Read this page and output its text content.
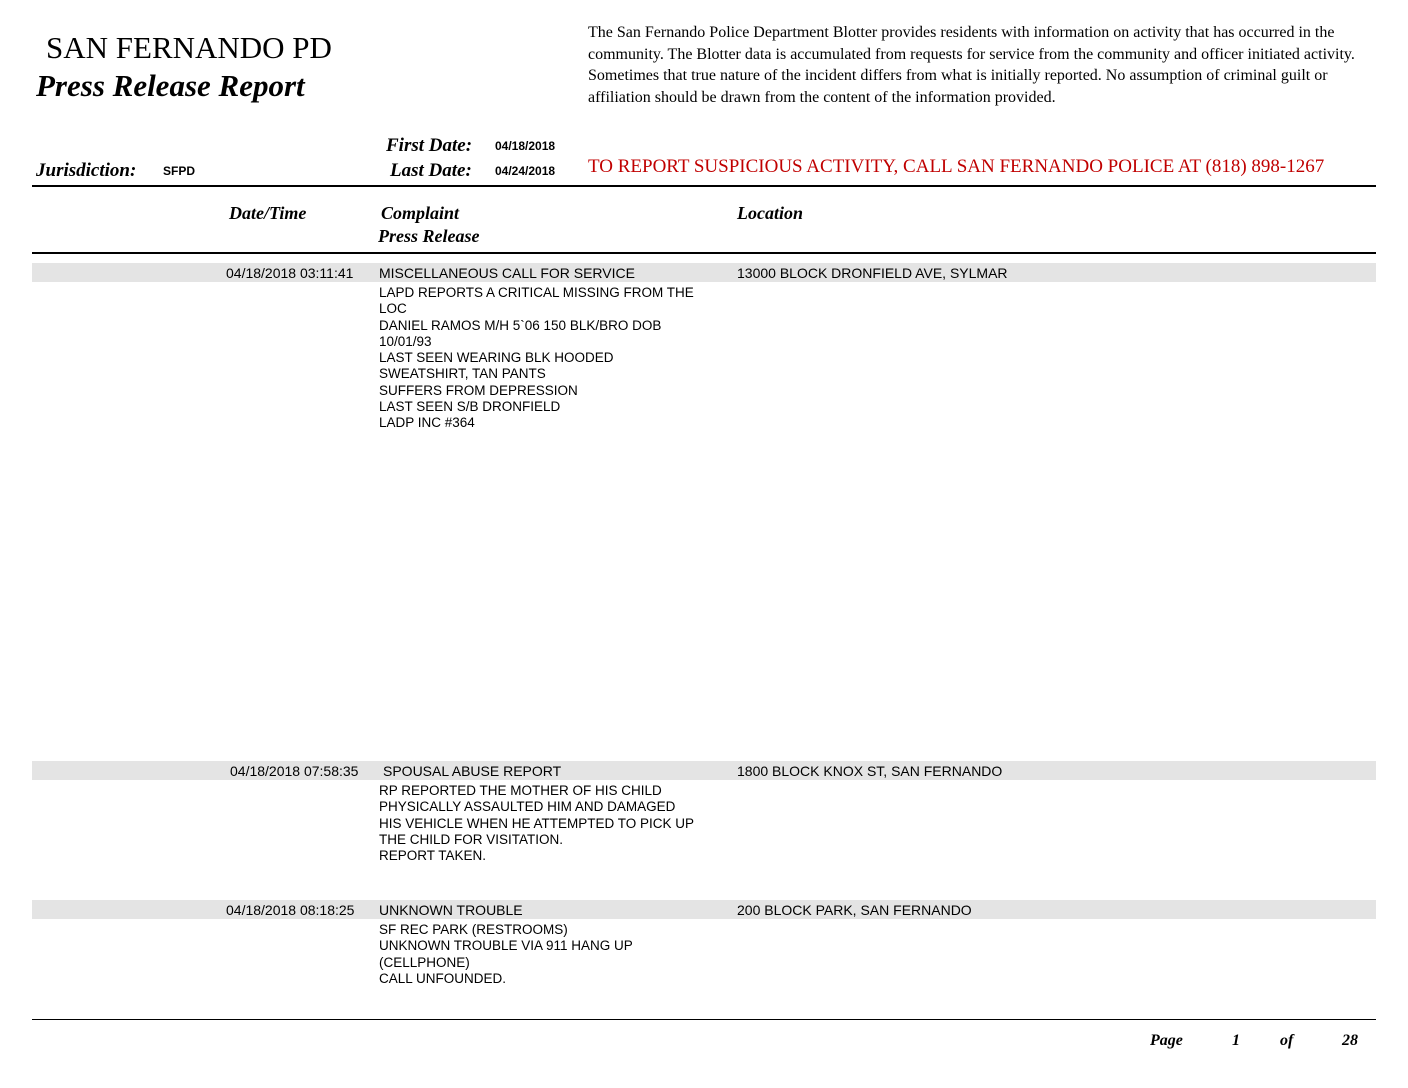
SAN FERNANDO PD
Press Release Report
The San Fernando Police Department Blotter provides residents with information on activity that has occurred in the community. The Blotter data is accumulated from requests for service from the community and officer initiated activity. Sometimes that true nature of the incident differs from what is initially reported. No assumption of criminal guilt or affiliation should be drawn from the content of the information provided.
First Date: 04/18/2018
Last Date: 04/24/2018
Jurisdiction: SFPD	TO REPORT SUSPICIOUS ACTIVITY, CALL SAN FERNANDO POLICE AT (818) 898-1267
Date/Time	Complaint
Press Release
Location
04/18/2018 03:11:41 MISCELLANEOUS CALL FOR SERVICE	13000 BLOCK DRONFIELD AVE, SYLMAR
LAPD REPORTS A CRITICAL MISSING FROM THE
LOC
DANIEL RAMOS M/H 5`06 150 BLK/BRO DOB
10/01/93
LAST SEEN WEARING BLK HOODED
SWEATSHIRT, TAN PANTS
SUFFERS FROM DEPRESSION
LAST SEEN S/B DRONFIELD
LADP INC #364
04/18/2018 07:58:35 SPOUSAL ABUSE REPORT	1800 BLOCK KNOX ST, SAN FERNANDO
RP REPORTED THE MOTHER OF HIS CHILD
PHYSICALLY ASSAULTED HIM AND DAMAGED
HIS VEHICLE WHEN HE ATTEMPTED TO PICK UP
THE CHILD FOR VISITATION.
REPORT TAKEN.
04/18/2018 08:18:25 UNKNOWN TROUBLE	200 BLOCK PARK, SAN FERNANDO
SF REC PARK (RESTROOMS)
UNKNOWN TROUBLE VIA 911 HANG UP
(CELLPHONE)
CALL UNFOUNDED.
Page	1	of	28
